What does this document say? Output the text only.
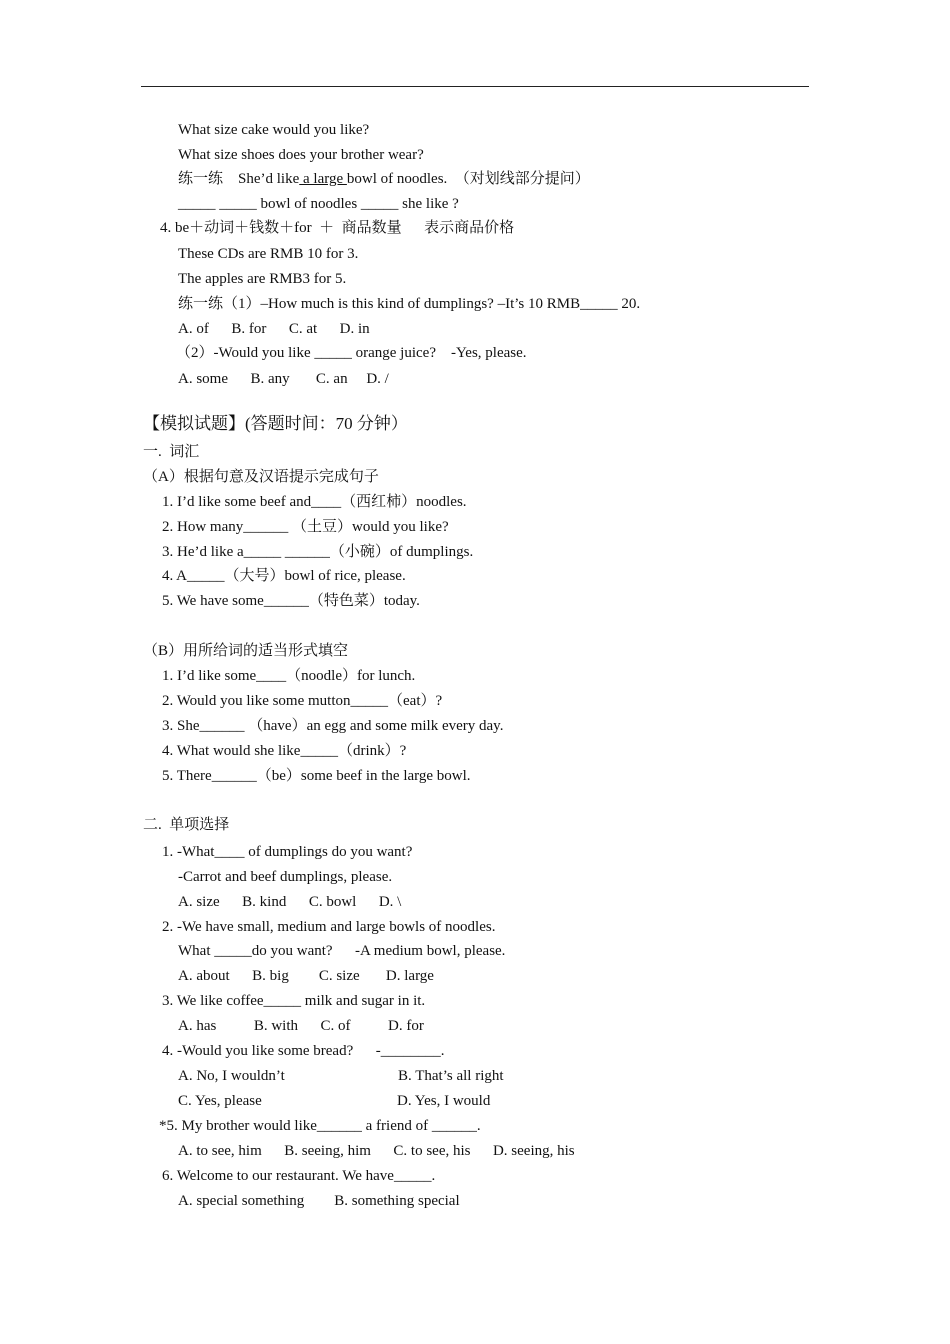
What size cake would you like?
What size shoes does your brother wear?
练一练    She’d like a large bowl of noodles.  （对划线部分提问）
_____ _____ bowl of noodles _____ she like ?
4. be＋动词＋钱数＋for  ＋  商品数量      表示商品价格
These CDs are RMB 10 for 3.
The apples are RMB3 for 5.
练一练（1）–How much is this kind of dumplings? –It’s 10 RMB_____ 20.
A. of      B. for      C. at      D. in
（2）-Would you like _____ orange juice?    -Yes, please.
A. some      B. any       C. an     D. /
【模拟试题】(答题时间：70 分钟）
一.  词汇
（A）根据句意及汉语提示完成句子
1. I’d like some beef and____（西红柿）noodles.
2. How many______ （土豆）would you like?
3. He’d like a_____ ______（小碗）of dumplings.
4. A_____（大号）bowl of rice, please.
5. We have some______（特色菜）today.
（B）用所给词的适当形式填空
1. I’d like some____（noodle）for lunch.
2. Would you like some mutton_____（eat）?
3. She______ （have）an egg and some milk every day.
4. What would she like_____（drink）?
5. There______（be）some beef in the large bowl.
二.  单项选择
1. -What____ of dumplings do you want?
-Carrot and beef dumplings, please.
A. size      B. kind      C. bowl      D. \
2. -We have small, medium and large bowls of noodles.
What _____do you want?      -A medium bowl, please.
A. about      B. big        C. size       D. large
3. We like coffee_____ milk and sugar in it.
A. has          B. with      C. of          D. for
4. -Would you like some bread?      -________.
A. No, I wouldn’t	B. That’s all right
C. Yes, please	D. Yes, I would
*5. My brother would like______ a friend of ______.
A. to see, him      B. seeing, him      C. to see, his      D. seeing, his
6. Welcome to our restaurant. We have_____.
A. special something        B. something special
